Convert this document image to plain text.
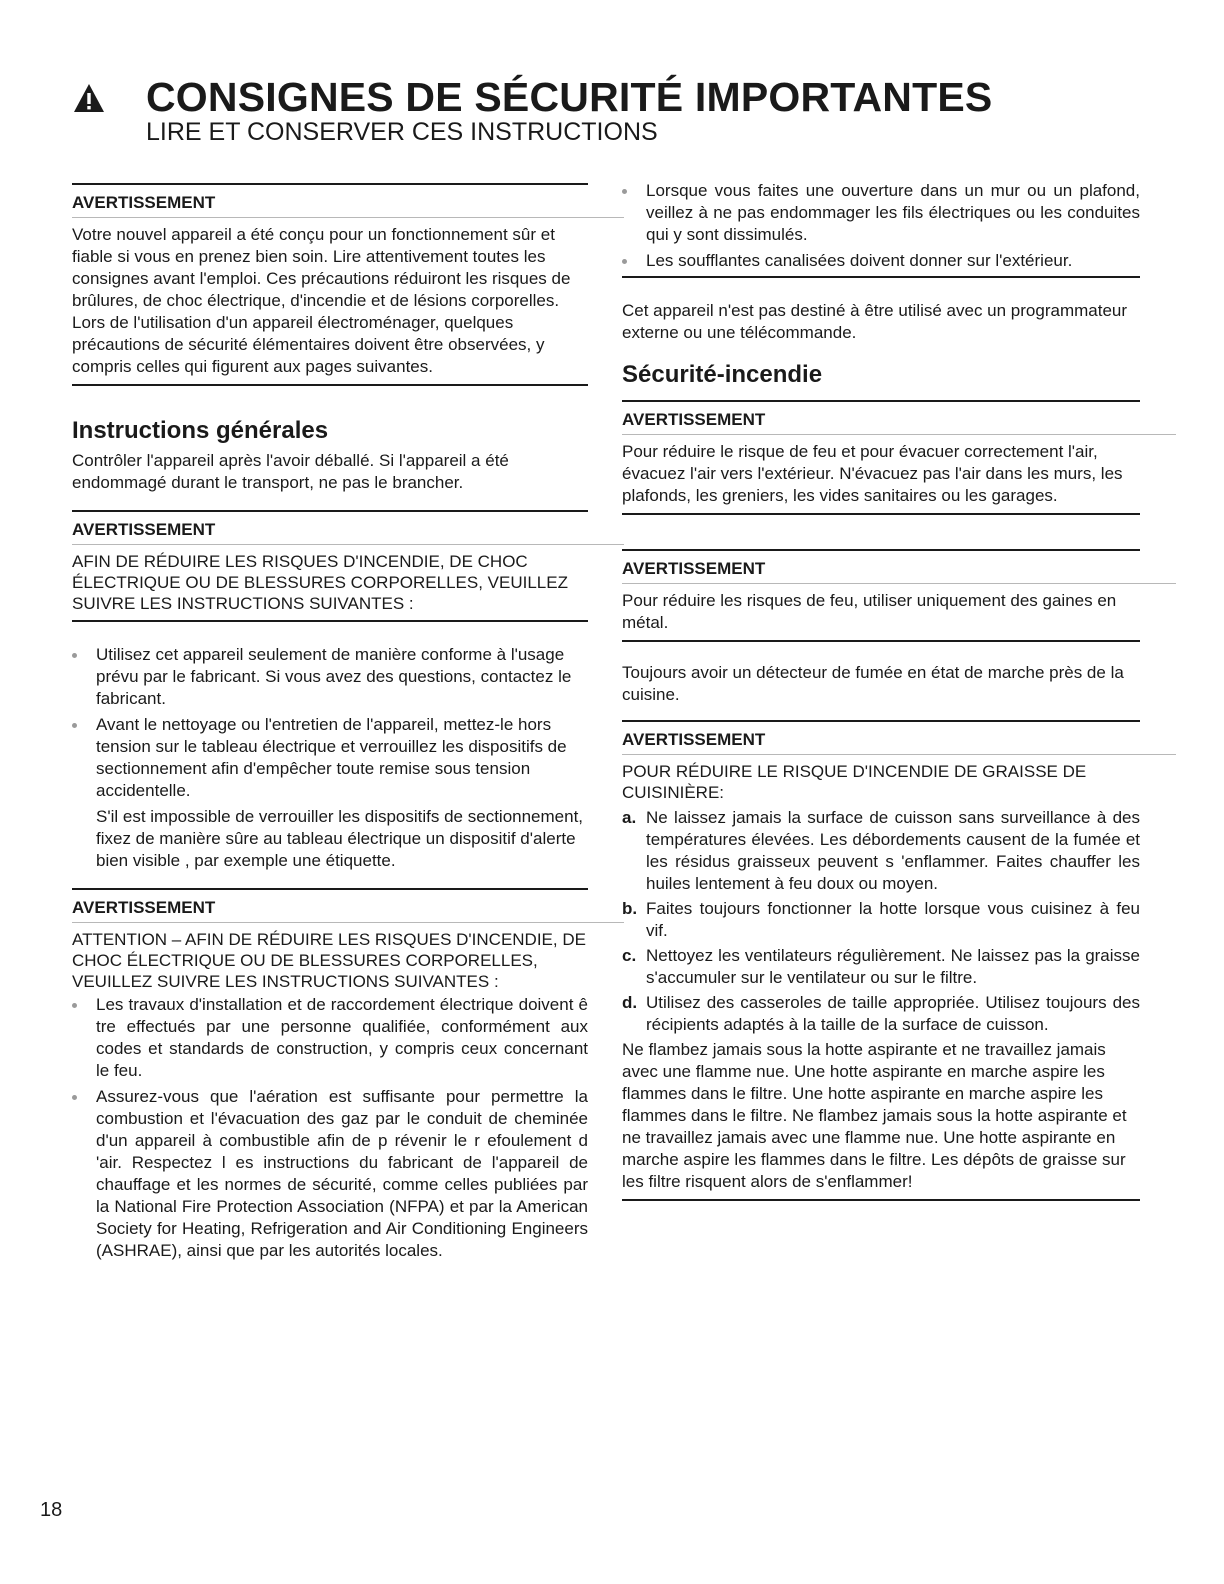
CONSIGNES DE SÉCURITÉ IMPORTANTES
LIRE ET CONSERVER CES INSTRUCTIONS
AVERTISSEMENT

Votre nouvel appareil a été conçu pour un fonctionnement sûr et fiable si vous en prenez bien soin. Lire attentivement toutes les consignes avant l'emploi. Ces précautions réduiront les risques de brûlures, de choc électrique, d'incendie et de lésions corporelles. Lors de l'utilisation d'un appareil électroménager, quelques précautions de sécurité élémentaires doivent être observées, y compris celles qui figurent aux pages suivantes.

Instructions générales

Contrôler l'appareil après l'avoir déballé. Si l'appareil a été endommagé durant le transport, ne pas le brancher.

AVERTISSEMENT

AFIN DE RÉDUIRE LES RISQUES D'INCENDIE, DE CHOC ÉLECTRIQUE OU DE BLESSURES CORPORELLES, VEUILLEZ SUIVRE LES INSTRUCTIONS SUIVANTES :

Utilisez cet appareil seulement de manière conforme à l'usage prévu par le fabricant. Si vous avez des questions, contactez le fabricant.
Avant le nettoyage ou l'entretien de l'appareil, mettez-le hors tension sur le tableau électrique et verrouillez les dispositifs de sectionnement afin d'empêcher toute remise sous tension accidentelle.
S'il est impossible de verrouiller les dispositifs de sectionnement, fixez de manière sûre au tableau électrique un dispositif d'alerte bien visible , par exemple une étiquette.
AVERTISSEMENT

ATTENTION – AFIN DE RÉDUIRE LES RISQUES D'INCENDIE, DE CHOC ÉLECTRIQUE OU DE BLESSURES CORPORELLES, VEUILLEZ SUIVRE LES INSTRUCTIONS SUIVANTES :

Les travaux d'installation et de raccordement électrique doivent ê tre effectués par une personne qualifiée, conformément aux codes et standards de construction, y compris ceux concernant le feu.
Assurez-vous que l'aération est suffisante pour permettre la combustion et l'évacuation des gaz par le conduit de cheminée d'un appareil à combustible afin de p révenir le r efoulement d 'air. Respectez l es instructions du fabricant de l'appareil de chauffage et les normes de sécurité, comme celles publiées par la National Fire Protection Association (NFPA) et par la American Society for Heating, Refrigeration and Air Conditioning Engineers (ASHRAE), ainsi que par les autorités locales.
Lorsque vous faites une ouverture dans un mur ou un plafond, veillez à ne pas endommager les fils électriques ou les conduites qui y sont dissimulés.
Les soufflantes canalisées doivent donner sur l'extérieur.

Cet appareil n'est pas destiné à être utilisé avec un programmateur externe ou une télécommande.

Sécurité-incendie
AVERTISSEMENT

Pour réduire le risque de feu et pour évacuer correctement l'air, évacuez l'air vers l'extérieur. N'évacuez pas l'air dans les murs, les plafonds, les greniers, les vides sanitaires ou les garages.

AVERTISSEMENT

Pour réduire les risques de feu, utiliser uniquement des gaines en métal.

Toujours avoir un détecteur de fumée en état de marche près de la cuisine.

AVERTISSEMENT

POUR RÉDUIRE LE RISQUE D'INCENDIE DE GRAISSE DE CUISINIÈRE:

a. Ne laissez jamais la surface de cuisson sans surveillance à des températures élevées. Les débordements causent de la fumée et les résidus graisseux peuvent s 'enflammer. Faites chauffer les huiles lentement à feu doux ou moyen.
b. Faites toujours fonctionner la hotte lorsque vous cuisinez à feu vif.
c. Nettoyez les ventilateurs régulièrement. Ne laissez pas la graisse s'accumuler sur le ventilateur ou sur le filtre.
d. Utilisez des casseroles de taille appropriée. Utilisez toujours des récipients adaptés à la taille de la surface de cuisson.

Ne flambez jamais sous la hotte aspirante et ne travaillez jamais avec une flamme nue. Une hotte aspirante en marche aspire les flammes dans le filtre. Une hotte aspirante en marche aspire les flammes dans le filtre. Ne flambez jamais sous la hotte aspirante et ne travaillez jamais avec une flamme nue. Une hotte aspirante en marche aspire les flammes dans le filtre. Les dépôts de graisse sur les filtre risquent alors de s'enflammer!

18
